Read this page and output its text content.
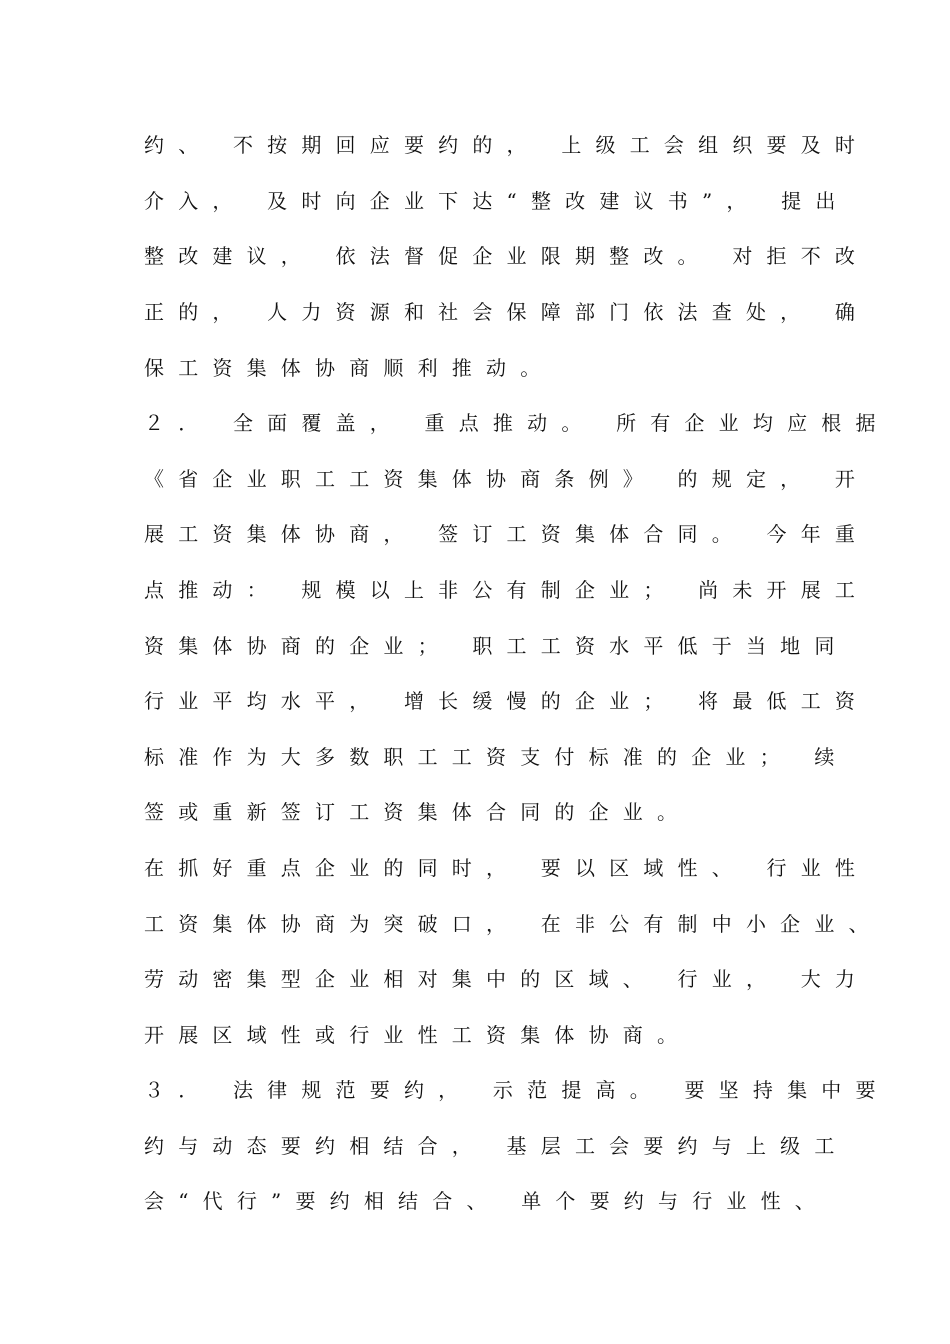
约、 不按期回应要约的， 上级工会组织要及时
介入， 及时向企业下达“整改建议书”， 提出
整改建议， 依法督促企业限期整改。 对拒不改
正的， 人力资源和社会保障部门依法查处， 确
保工资集体协商顺利推动。
２． 全面覆盖， 重点推动。 所有企业均应根据
《省企业职工工资集体协商条例》 的规定， 开
展工资集体协商， 签订工资集体合同。 今年重
点推动： 规模以上非公有制企业； 尚未开展工
资集体协商的企业； 职工工资水平低于当地同
行业平均水平， 增长缓慢的企业； 将最低工资
标准作为大多数职工工资支付标准的企业； 续
签或重新签订工资集体合同的企业。
在抓好重点企业的同时， 要以区域性、 行业性
工资集体协商为突破口， 在非公有制中小企业、
劳动密集型企业相对集中的区域、 行业， 大力
开展区域性或行业性工资集体协商。
３． 法律规范要约， 示范提高。 要坚持集中要
约与动态要约相结合， 基层工会要约与上级工
会“代行”要约相结合、 单个要约与行业性、
